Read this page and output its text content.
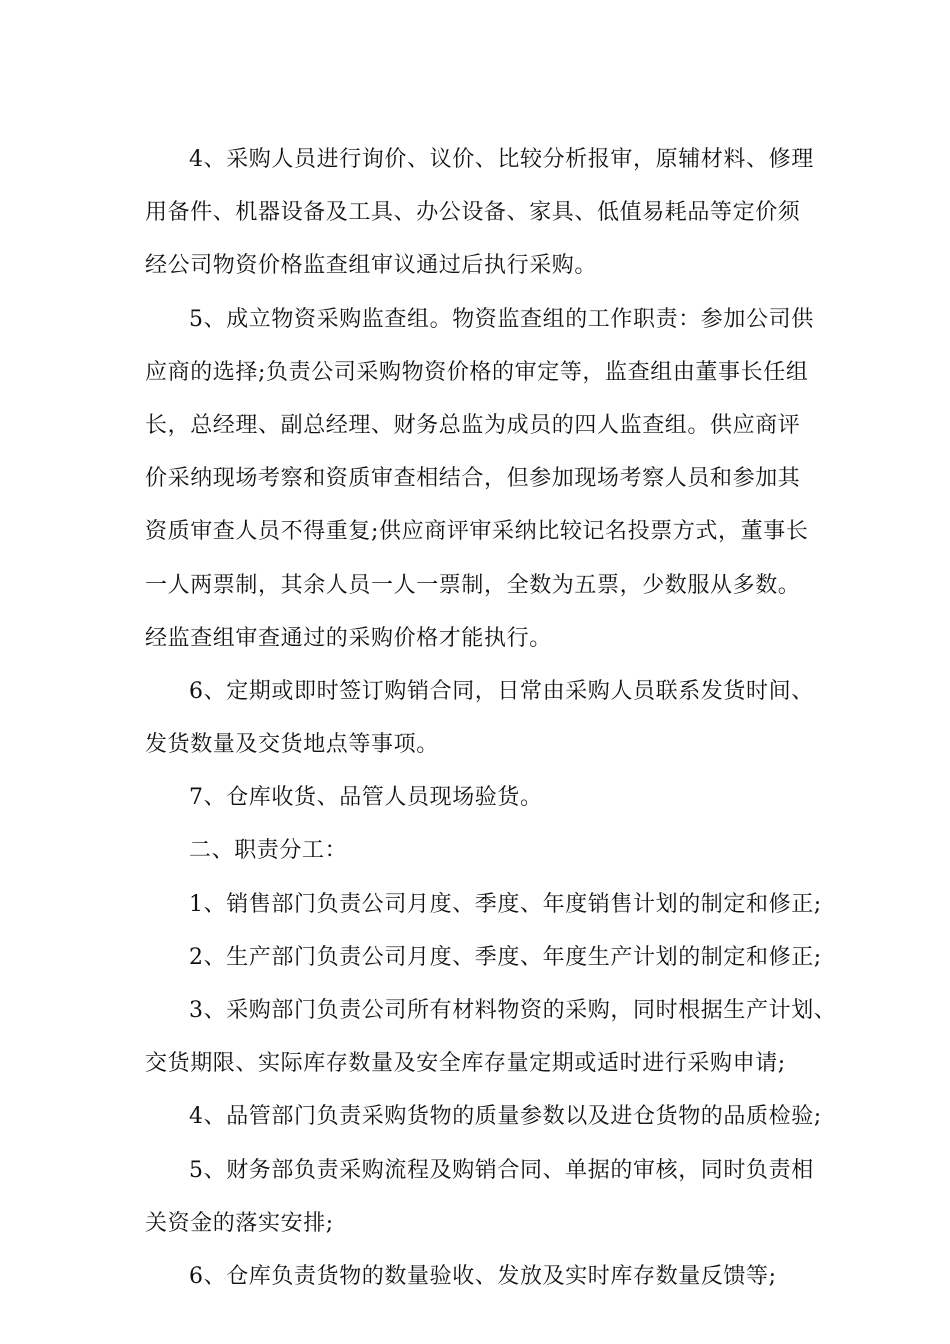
4、采购人员进行询价、议价、比较分析报审，原辅材料、修理
用备件、机器设备及工具、办公设备、家具、低值易耗品等定价须
经公司物资价格监查组审议通过后执行采购。
5、成立物资采购监查组。物资监查组的工作职责：参加公司供
应商的选择;负责公司采购物资价格的审定等，监查组由董事长任组
长，总经理、副总经理、财务总监为成员的四人监查组。供应商评
价采纳现场考察和资质审查相结合，但参加现场考察人员和参加其
资质审查人员不得重复;供应商评审采纳比较记名投票方式，董事长
一人两票制，其余人员一人一票制，全数为五票，少数服从多数。
经监查组审查通过的采购价格才能执行。
6、定期或即时签订购销合同，日常由采购人员联系发货时间、
发货数量及交货地点等事项。
7、仓库收货、品管人员现场验货。
二、职责分工：
1、销售部门负责公司月度、季度、年度销售计划的制定和修正;
2、生产部门负责公司月度、季度、年度生产计划的制定和修正;
3、采购部门负责公司所有材料物资的采购，同时根据生产计划、
交货期限、实际库存数量及安全库存量定期或适时进行采购申请;
4、品管部门负责采购货物的质量参数以及进仓货物的品质检验;
5、财务部负责采购流程及购销合同、单据的审核，同时负责相
关资金的落实安排;
6、仓库负责货物的数量验收、发放及实时库存数量反馈等;
